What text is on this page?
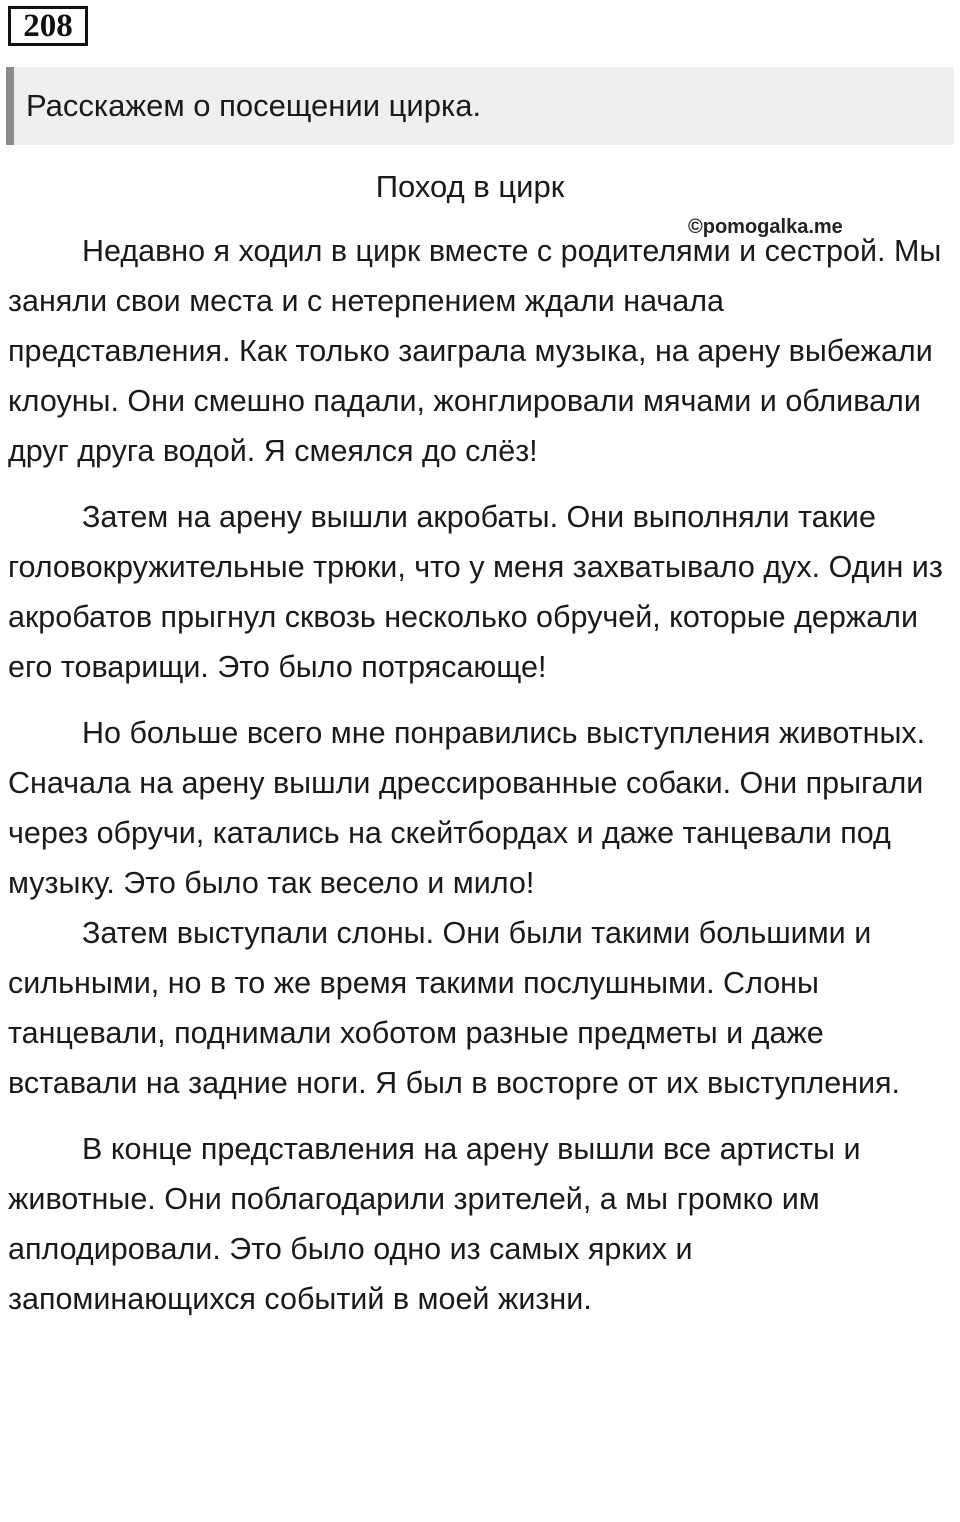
208
Расскажем о посещении цирка.
Поход в цирк
©pomogalka.me

Недавно я ходил в цирк вместе с родителями и сестрой. Мы заняли свои места и с нетерпением ждали начала представления. Как только заиграла музыка, на арену выбежали клоуны. Они смешно падали, жонглировали мячами и обливали друг друга водой. Я смеялся до слёз!

Затем на арену вышли акробаты. Они выполняли такие головокружительные трюки, что у меня захватывало дух. Один из акробатов прыгнул сквозь несколько обручей, которые держали его товарищи. Это было потрясающе!

Но больше всего мне понравились выступления животных. Сначала на арену вышли дрессированные собаки. Они прыгали через обручи, катались на скейтбордах и даже танцевали под музыку. Это было так весело и мило!

Затем выступали слоны. Они были такими большими и сильными, но в то же время такими послушными. Слоны танцевали, поднимали хоботом разные предметы и даже вставали на задние ноги. Я был в восторге от их выступления.

В конце представления на арену вышли все артисты и животные. Они поблагодарили зрителей, а мы громко им аплодировали. Это было одно из самых ярких и запоминающихся событий в моей жизни.
